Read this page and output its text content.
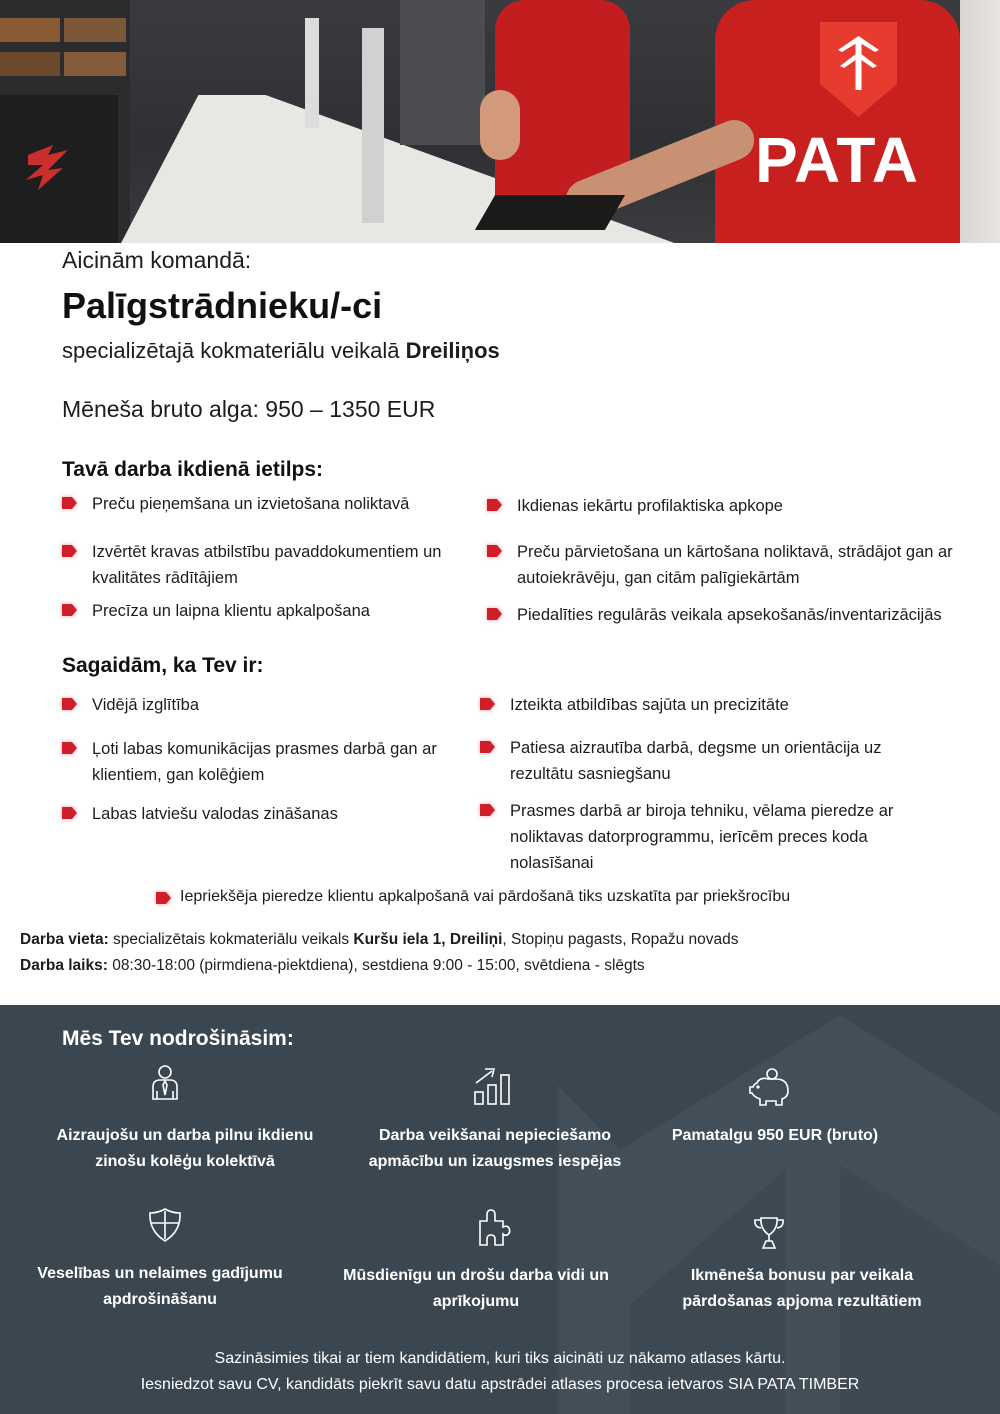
PATA
Aicinām komandā:
Palīgstrādnieku/-ci
specializētajā kokmateriālu veikalā Dreiliņos
Mēneša bruto alga: 950 – 1350 EUR
Tavā darba ikdienā ietilps:
Preču pieņemšana un izvietošana noliktavā
Izvērtēt kravas atbilstību pavaddokumentiem un kvalitātes rādītājiem
Precīza un laipna klientu apkalpošana
Ikdienas iekārtu profilaktiska apkope
Preču pārvietošana un kārtošana noliktavā, strādājot gan ar autoiekrāvēju, gan citām palīgiekārtām
Piedalīties regulārās veikala apsekošanās/inventarizācijās
Sagaidām, ka Tev ir:
Vidējā izglītība
Ļoti labas komunikācijas prasmes darbā gan ar klientiem, gan kolēģiem
Labas latviešu valodas zināšanas
Izteikta atbildības sajūta un precizitāte
Patiesa aizrautība darbā, degsme un orientācija uz rezultātu sasniegšanu
Prasmes darbā ar biroja tehniku, vēlama pieredze ar noliktavas datorprogrammu, ierīcēm preces koda nolasīšanai
Iepriekšēja pieredze klientu apkalpošanā vai pārdošanā tiks uzskatīta par priekšrocību
Darba vieta: specializētais kokmateriālu veikals Kuršu iela 1, Dreiliņi, Stopiņu pagasts, Ropažu novads
Darba laiks: 08:30-18:00 (pirmdiena-piektdiena), sestdiena 9:00 - 15:00, svētdiena - slēgts
Mēs Tev nodrošināsim:
Aizraujošu un darba pilnu ikdienu zinošu kolēģu kolektīvā
Darba veikšanai nepieciešamo apmācību un izaugsmes iespējas
Pamatalgu 950 EUR (bruto)
Veselības un nelaimes gadījumu apdrošināšanu
Mūsdienīgu un drošu darba vidi un aprīkojumu
Ikmēneša bonusu par veikala pārdošanas apjoma rezultātiem
Sazināsimies tikai ar tiem kandidātiem, kuri tiks aicināti uz nākamo atlases kārtu.
Iesniedzot savu CV, kandidāts piekrīt savu datu apstrādei atlases procesa ietvaros SIA PATA TIMBER
